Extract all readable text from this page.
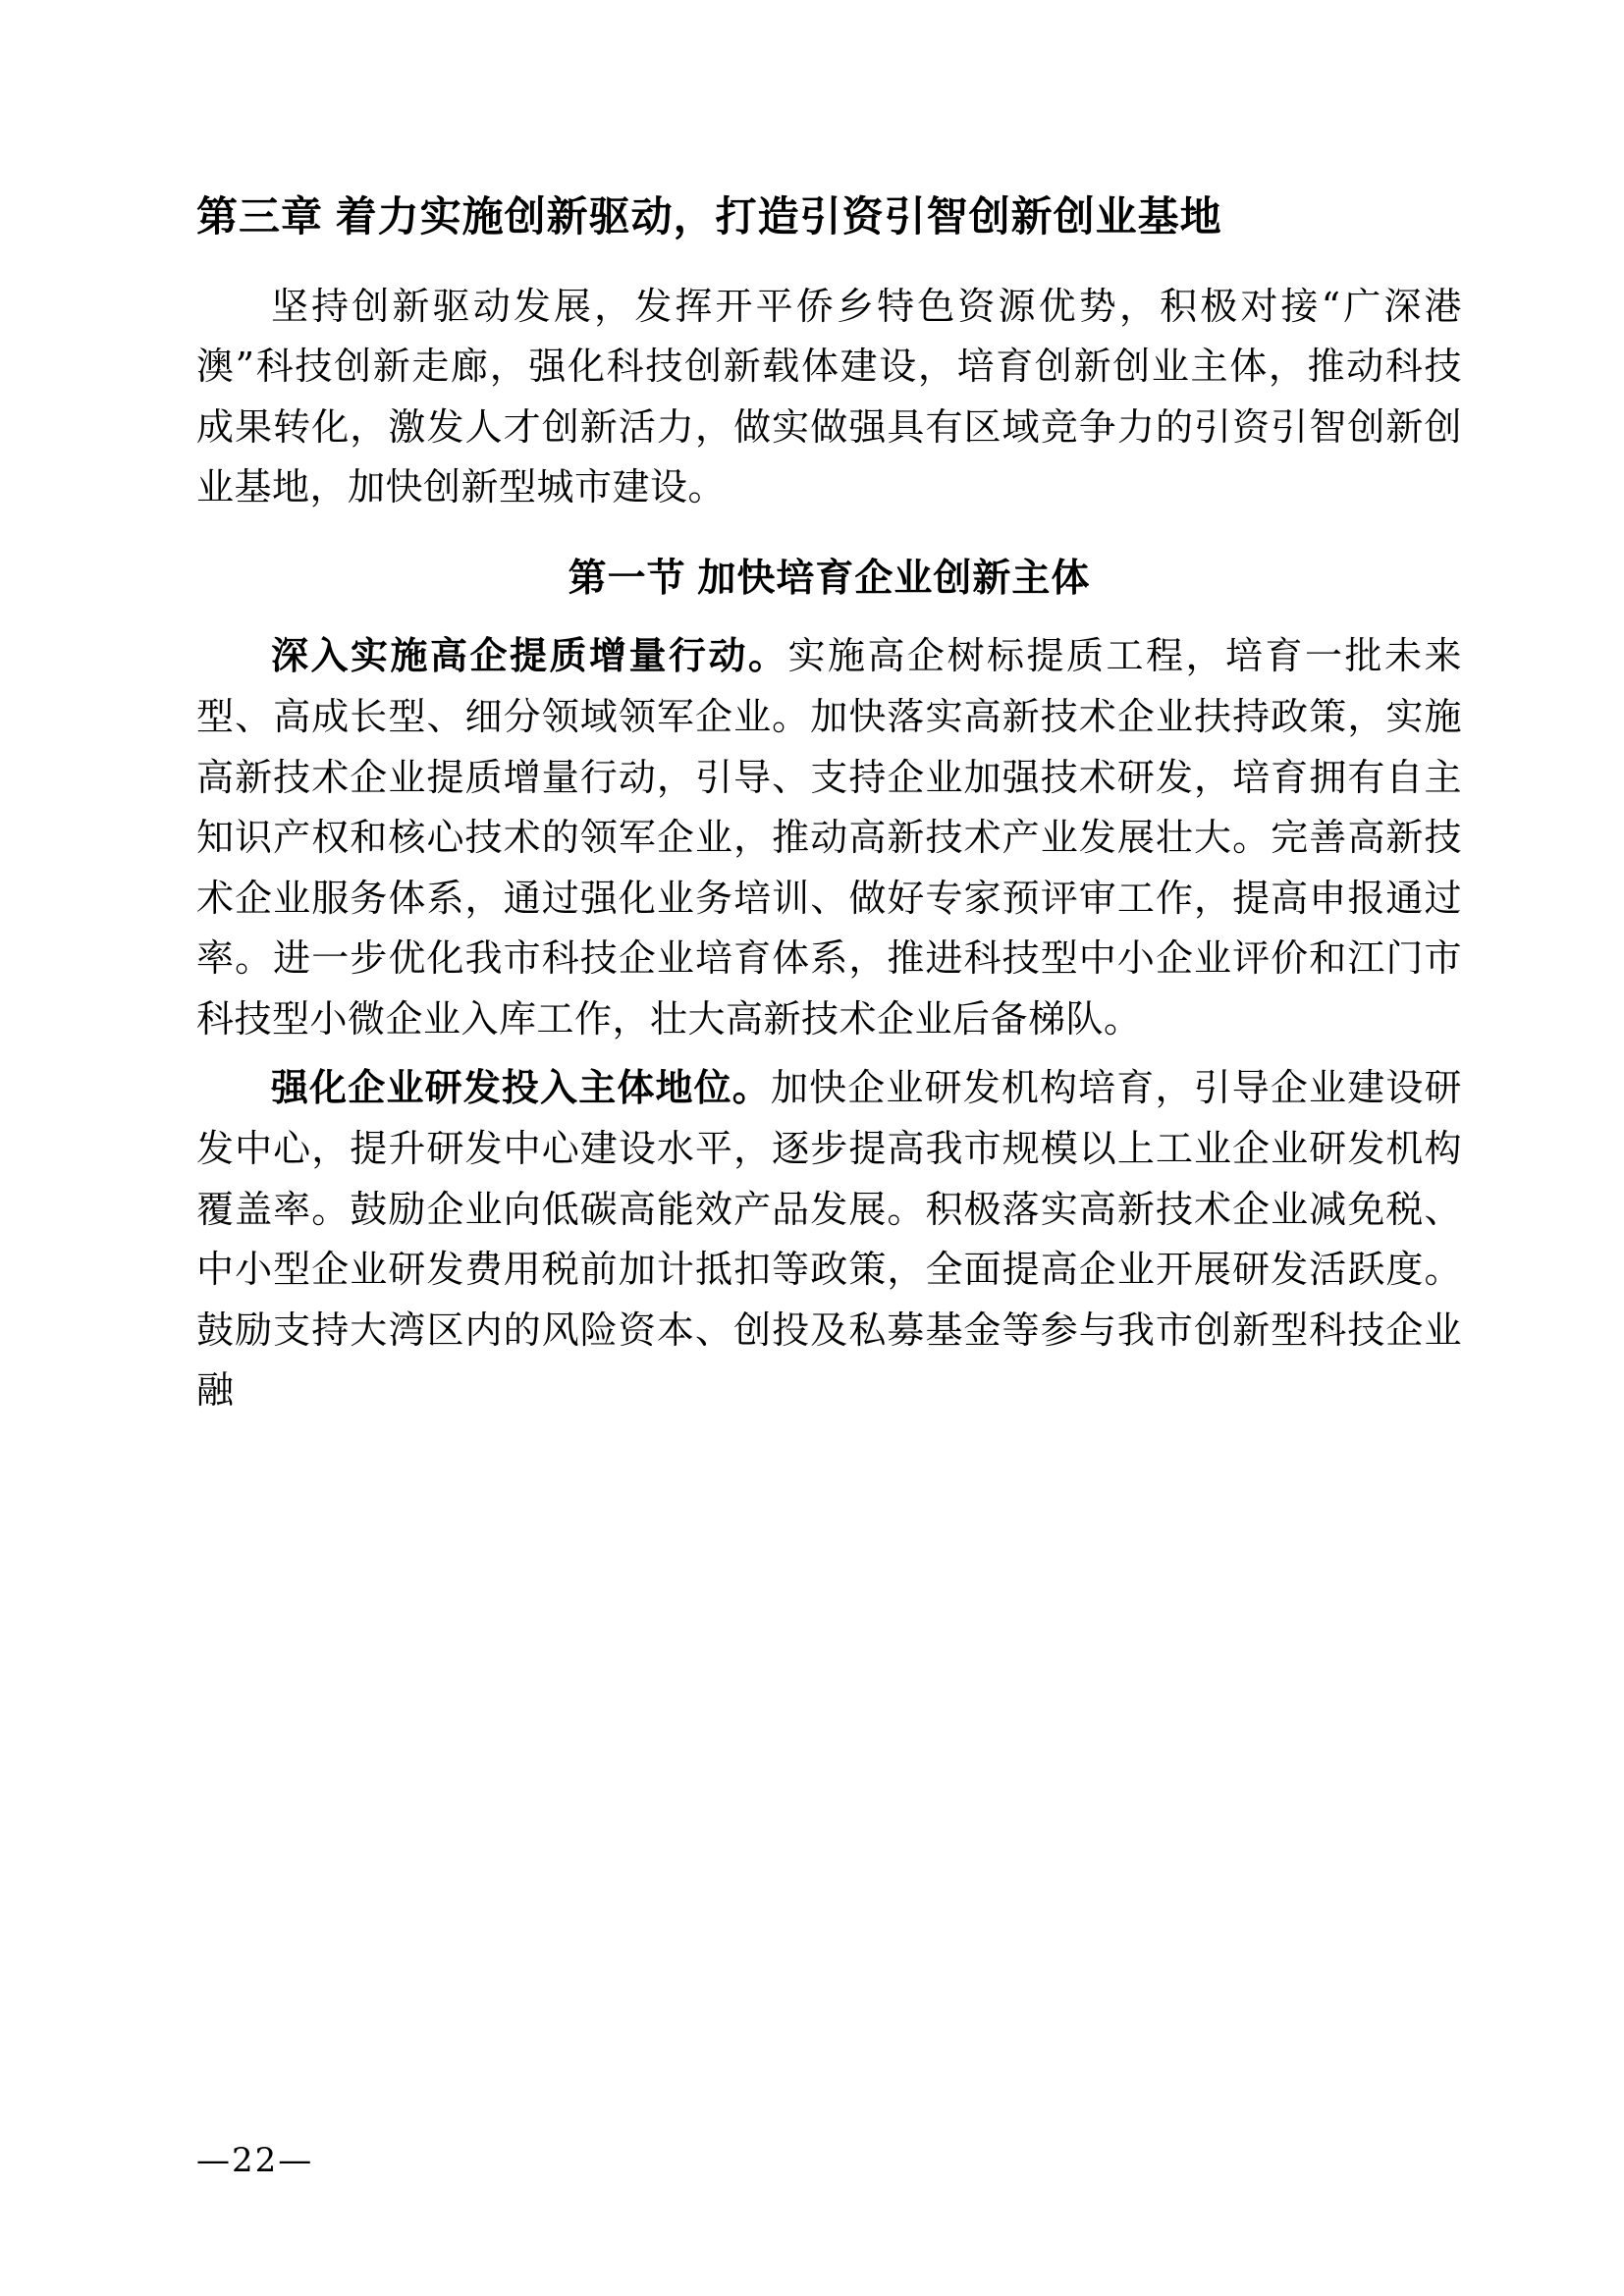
第三章 着力实施创新驱动，打造引资引智创新创业基地

坚持创新驱动发展，发挥开平侨乡特色资源优势，积极对接“广深港澳”科技创新走廊，强化科技创新载体建设，培育创新创业主体，推动科技成果转化，激发人才创新活力，做实做强具有区域竞争力的引资引智创新创业基地，加快创新型城市建设。

第一节 加快培育企业创新主体

深入实施高企提质增量行动。实施高企树标提质工程，培育一批未来型、高成长型、细分领域领军企业。加快落实高新技术企业扶持政策，实施高新技术企业提质增量行动，引导、支持企业加强技术研发，培育拥有自主知识产权和核心技术的领军企业，推动高新技术产业发展壮大。完善高新技术企业服务体系，通过强化业务培训、做好专家预评审工作，提高申报通过率。进一步优化我市科技企业培育体系，推进科技型中小企业评价和江门市科技型小微企业入库工作，壮大高新技术企业后备梯队。

强化企业研发投入主体地位。加快企业研发机构培育，引导企业建设研发中心，提升研发中心建设水平，逐步提高我市规模以上工业企业研发机构覆盖率。鼓励企业向低碳高能效产品发展。积极落实高新技术企业减免税、中小型企业研发费用税前加计抵扣等政策，全面提高企业开展研发活跃度。鼓励支持大湾区内的风险资本、创投及私募基金等参与我市创新型科技企业融

—22—
